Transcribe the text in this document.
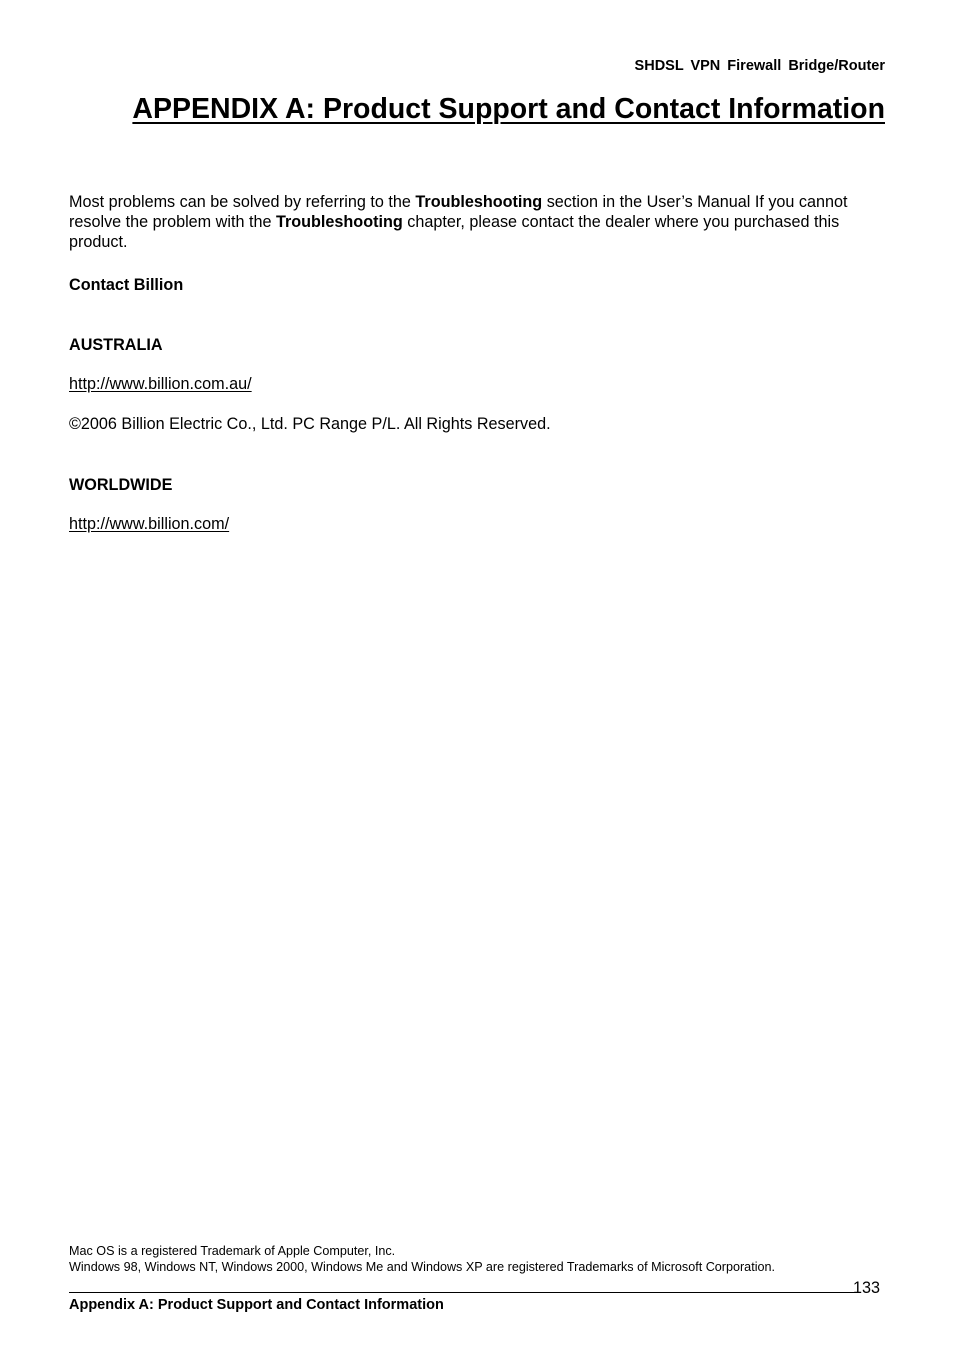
SHDSL VPN Firewall Bridge/Router
APPENDIX A: Product Support and Contact Information
Most problems can be solved by referring to the Troubleshooting section in the User’s Manual If you cannot resolve the problem with the Troubleshooting chapter, please contact the dealer where you purchased this product.
Contact Billion
AUSTRALIA
http://www.billion.com.au/
©2006 Billion Electric Co., Ltd. PC Range P/L. All Rights Reserved.
WORLDWIDE
http://www.billion.com/
Mac OS is a registered Trademark of Apple Computer, Inc.
Windows 98, Windows NT, Windows 2000, Windows Me and Windows XP are registered Trademarks of Microsoft Corporation.
133
Appendix A: Product Support and Contact Information
